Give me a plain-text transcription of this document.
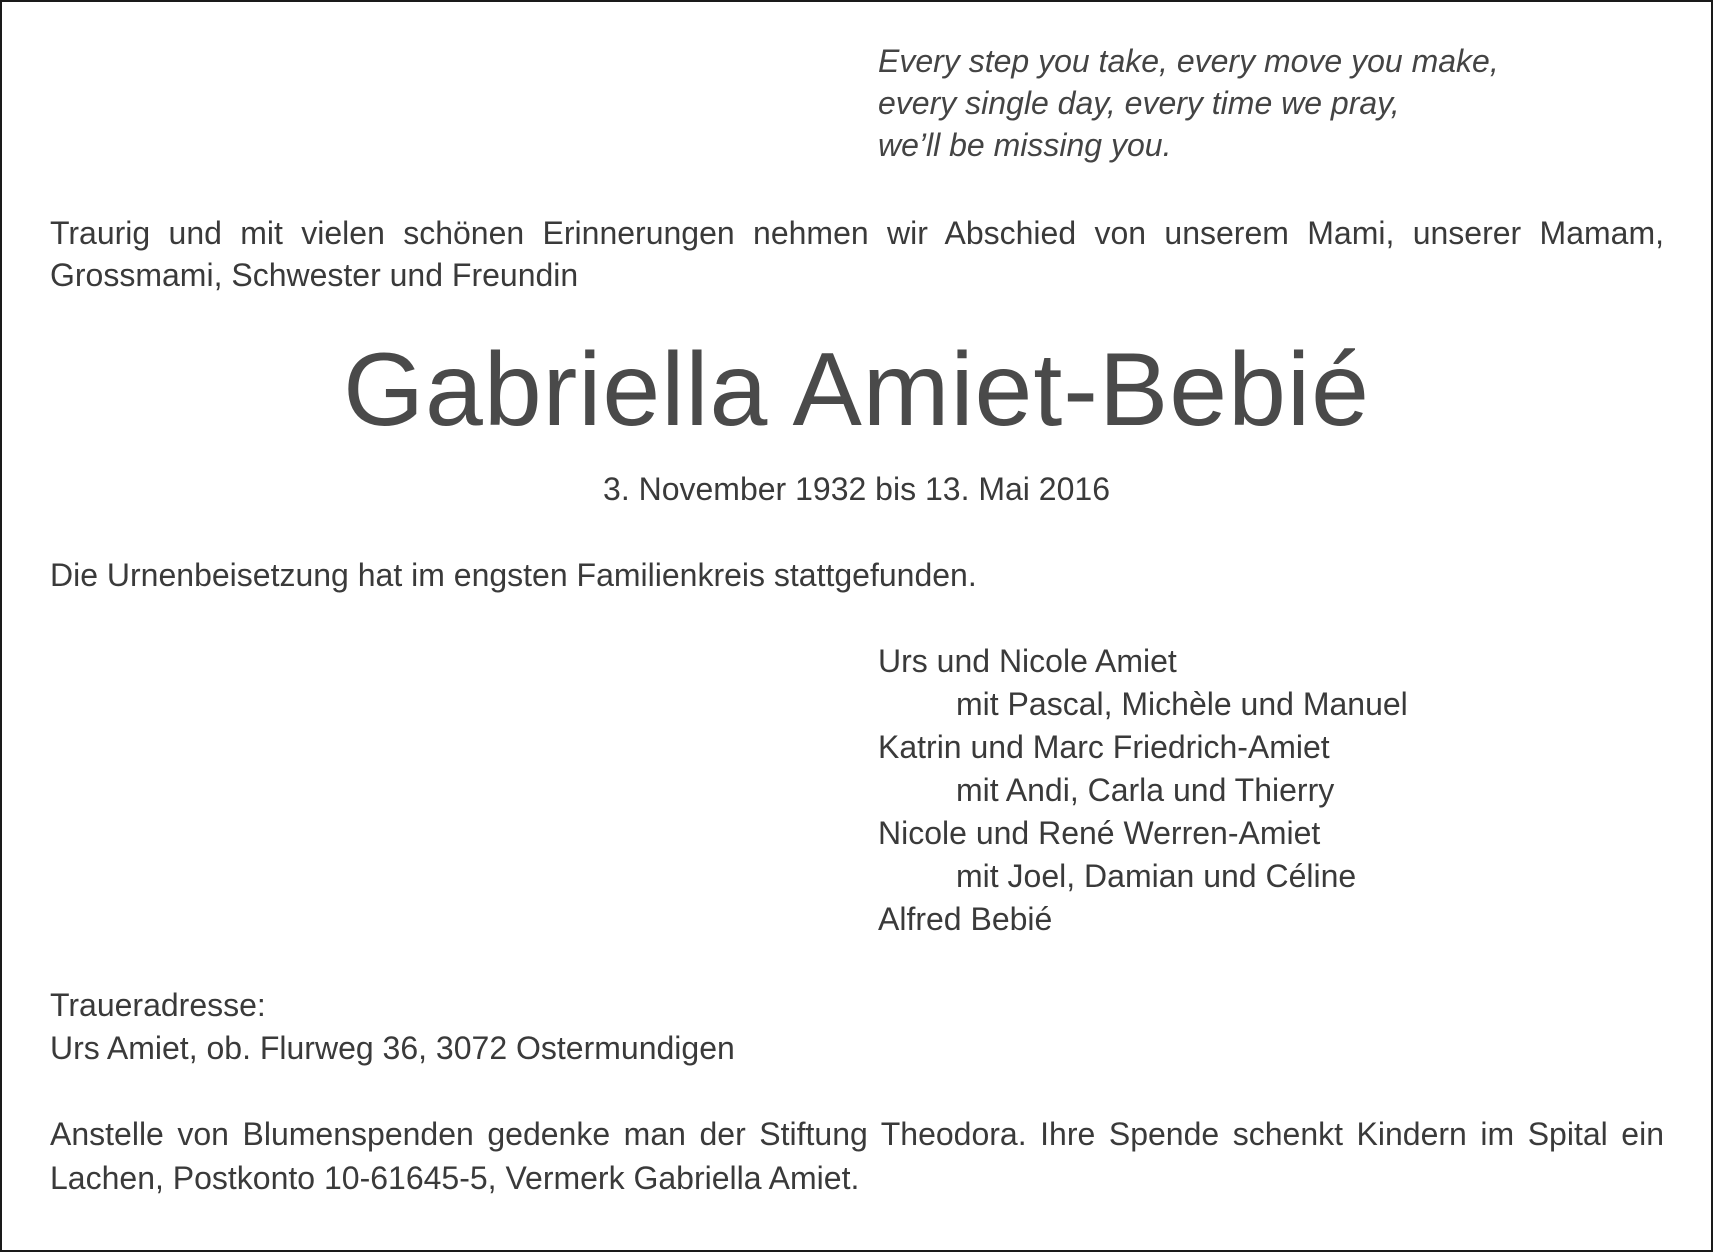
Every step you take, every move you make,
every single day, every time we pray,
we’ll be missing you.
Traurig und mit vielen schönen Erinnerungen nehmen wir Abschied von unserem Mami, unserer Mamam, Grossmami, Schwester und Freundin
Gabriella Amiet-Bebié
3. November 1932 bis 13. Mai 2016
Die Urnenbeisetzung hat im engsten Familienkreis stattgefunden.
Urs und Nicole Amiet
mit Pascal, Michèle und Manuel
Katrin und Marc Friedrich-Amiet
mit Andi, Carla und Thierry
Nicole und René Werren-Amiet
mit Joel, Damian und Céline
Alfred Bebié
Traueradresse:
Urs Amiet, ob. Flurweg 36, 3072 Ostermundigen
Anstelle von Blumenspenden gedenke man der Stiftung Theodora. Ihre Spende schenkt Kindern im Spital ein Lachen, Postkonto 10-61645-5, Vermerk Gabriella Amiet.
